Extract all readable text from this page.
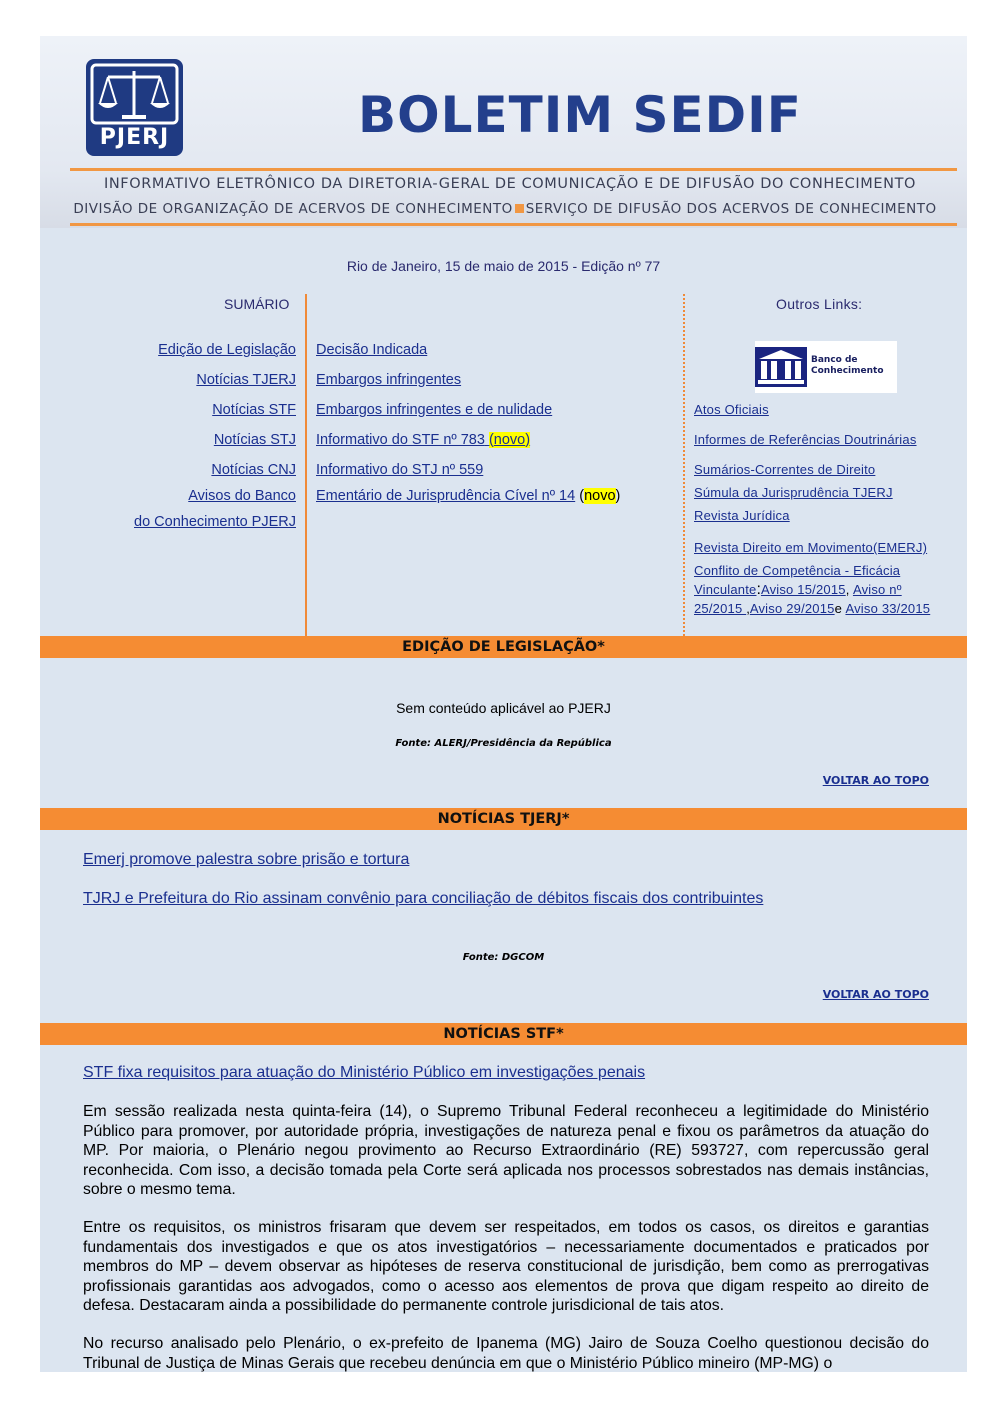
PJERJ	BOLETIM SEDIF
INFORMATIVO ELETRÔNICO DA DIRETORIA-GERAL DE COMUNICAÇÃO E DE DIFUSÃO DO CONHECIMENTO
DIVISÃO DE ORGANIZAÇÃO DE ACERVOS DE CONHECIMENTO SERVIÇO DE DIFUSÃO DOS ACERVOS DE CONHECIMENTO
Rio de Janeiro, 15 de maio de 2015 - Edição nº 77
SUMÁRIO	Outros Links:
Edição de Legislação
Notícias TJERJ
Notícias STF
Notícias STJ
Notícias CNJ
Avisos do Banco
do Conhecimento PJERJ
Decisão Indicada
Embargos infringentes
Embargos infringentes e de nulidade
Informativo do STF nº 783 (novo)
Informativo do STJ nº 559
Ementário de Jurisprudência Cível nº 14 (novo)
Banco de
Conhecimento
Atos Oficiais
Informes de Referências Doutrinárias
Sumários-Correntes de Direito
Súmula da Jurisprudência TJERJ
Revista Jurídica
Revista Direito em Movimento(EMERJ)
Conflito de Competência - Eficácia Vinculante:Aviso 15/2015, Aviso nº 25/2015 ,Aviso 29/2015e Aviso 33/2015
EDIÇÃO DE LEGISLAÇÃO*
Sem conteúdo aplicável ao PJERJ
Fonte: ALERJ/Presidência da República
VOLTAR AO TOPO
NOTÍCIAS TJERJ*
Emerj promove palestra sobre prisão e tortura
TJRJ e Prefeitura do Rio assinam convênio para conciliação de débitos fiscais dos contribuintes
Fonte: DGCOM
VOLTAR AO TOPO
NOTÍCIAS STF*
STF fixa requisitos para atuação do Ministério Público em investigações penais
Em sessão realizada nesta quinta-feira (14), o Supremo Tribunal Federal reconheceu a legitimidade do Ministério Público para promover, por autoridade própria, investigações de natureza penal e fixou os parâmetros da atuação do MP. Por maioria, o Plenário negou provimento ao Recurso Extraordinário (RE) 593727, com repercussão geral reconhecida. Com isso, a decisão tomada pela Corte será aplicada nos processos sobrestados nas demais instâncias, sobre o mesmo tema.
Entre os requisitos, os ministros frisaram que devem ser respeitados, em todos os casos, os direitos e garantias fundamentais dos investigados e que os atos investigatórios – necessariamente documentados e praticados por membros do MP – devem observar as hipóteses de reserva constitucional de jurisdição, bem como as prerrogativas profissionais garantidas aos advogados, como o acesso aos elementos de prova que digam respeito ao direito de defesa. Destacaram ainda a possibilidade do permanente controle jurisdicional de tais atos.
No recurso analisado pelo Plenário, o ex-prefeito de Ipanema (MG) Jairo de Souza Coelho questionou decisão do Tribunal de Justiça de Minas Gerais que recebeu denúncia em que o Ministério Público mineiro (MP-MG) o
